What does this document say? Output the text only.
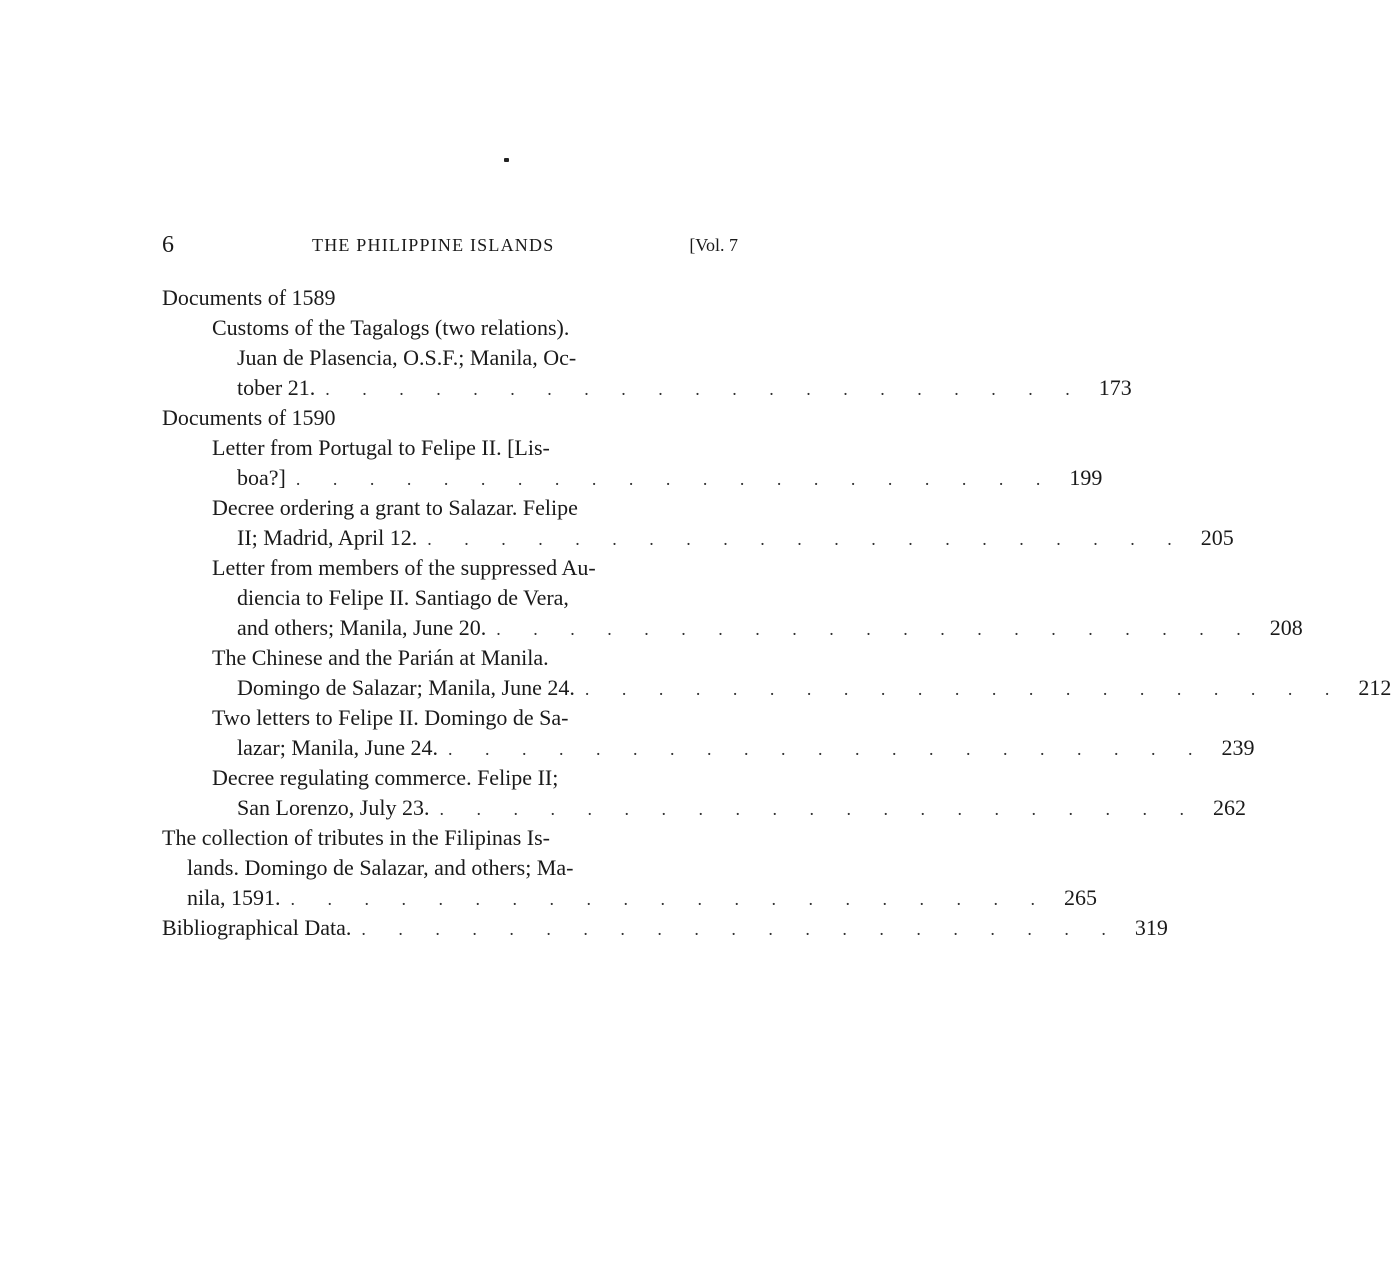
6	THE PHILIPPINE ISLANDS	[Vol. 7
Documents of 1589
Customs of the Tagalogs (two relations).
Juan de Plasencia, O.S.F.; Manila, Oc-
tober 21. . . . . . . . . . . . . . . . . . . . . . 173
Documents of 1590
Letter from Portugal to Felipe II. [Lis-
boa?] . . . . . . . . . . . . . . . . . . . . . 199
Decree ordering a grant to Salazar. Felipe
II; Madrid, April 12. . . . . . . . . . . . . . . . . . . . . . 205
Letter from members of the suppressed Au-
diencia to Felipe II. Santiago de Vera,
and others; Manila, June 20. . . . . . . . . . . . . . . . . . . . . . 208
The Chinese and the Parián at Manila.
Domingo de Salazar; Manila, June 24. . . . . . . . . . . . . . . . . . . . . . 212
Two letters to Felipe II. Domingo de Sa-
lazar; Manila, June 24. . . . . . . . . . . . . . . . . . . . . . 239
Decree regulating commerce. Felipe II;
San Lorenzo, July 23. . . . . . . . . . . . . . . . . . . . . . 262
The collection of tributes in the Filipinas Is-
lands. Domingo de Salazar, and others; Ma-
nila, 1591. . . . . . . . . . . . . . . . . . . . . . 265
Bibliographical Data. . . . . . . . . . . . . . . . . . . . . . 319
